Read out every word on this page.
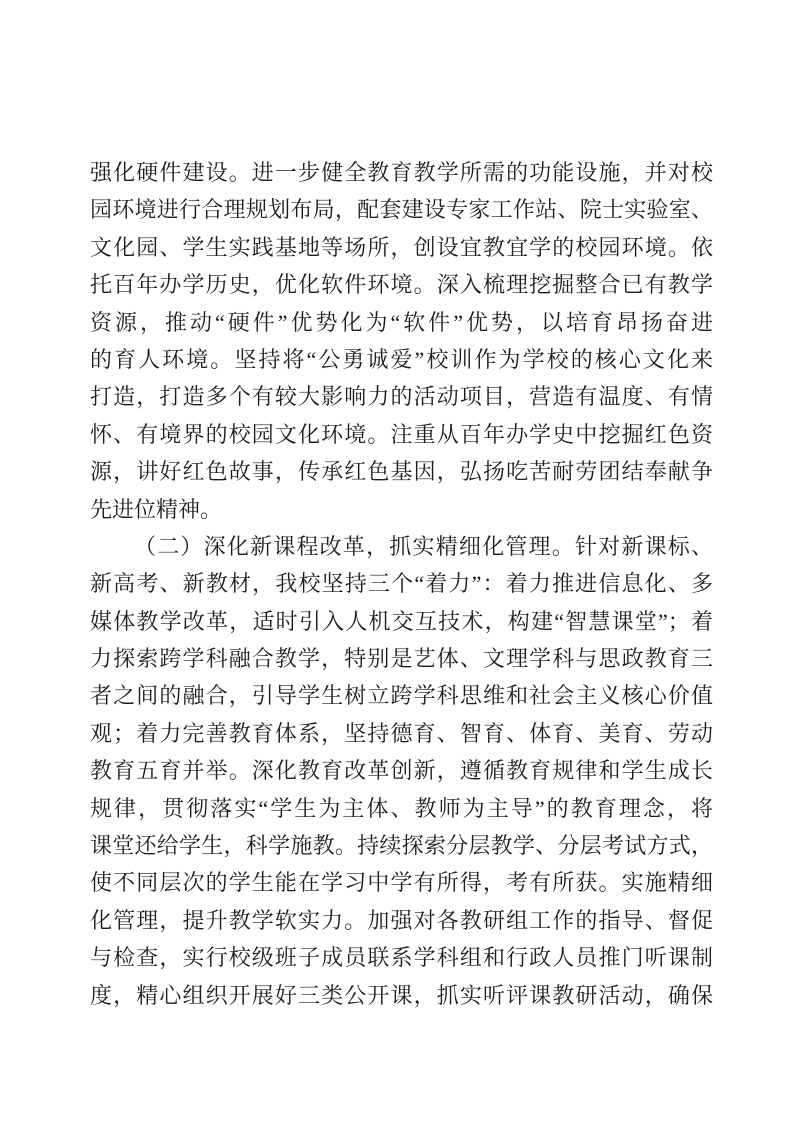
强化硬件建设。进一步健全教育教学所需的功能设施，并对校
园环境进行合理规划布局，配套建设专家工作站、院士实验室、
文化园、学生实践基地等场所，创设宜教宜学的校园环境。依
托百年办学历史，优化软件环境。深入梳理挖掘整合已有教学
资源，推动“硬件”优势化为“软件”优势，以培育昂扬奋进
的育人环境。坚持将“公勇诚爱”校训作为学校的核心文化来
打造，打造多个有较大影响力的活动项目，营造有温度、有情
怀、有境界的校园文化环境。注重从百年办学史中挖掘红色资
源，讲好红色故事，传承红色基因，弘扬吃苦耐劳团结奉献争
先进位精神。

（二）深化新课程改革，抓实精细化管理。针对新课标、
新高考、新教材，我校坚持三个“着力”：着力推进信息化、多
媒体教学改革，适时引入人机交互技术，构建“智慧课堂”；着
力探索跨学科融合教学，特别是艺体、文理学科与思政教育三
者之间的融合，引导学生树立跨学科思维和社会主义核心价值
观；着力完善教育体系，坚持德育、智育、体育、美育、劳动
教育五育并举。深化教育改革创新，遵循教育规律和学生成长
规律，贯彻落实“学生为主体、教师为主导”的教育理念，将
课堂还给学生，科学施教。持续探索分层教学、分层考试方式，
使不同层次的学生能在学习中学有所得，考有所获。实施精细
化管理，提升教学软实力。加强对各教研组工作的指导、督促
与检查，实行校级班子成员联系学科组和行政人员推门听课制
度，精心组织开展好三类公开课，抓实听评课教研活动，确保
